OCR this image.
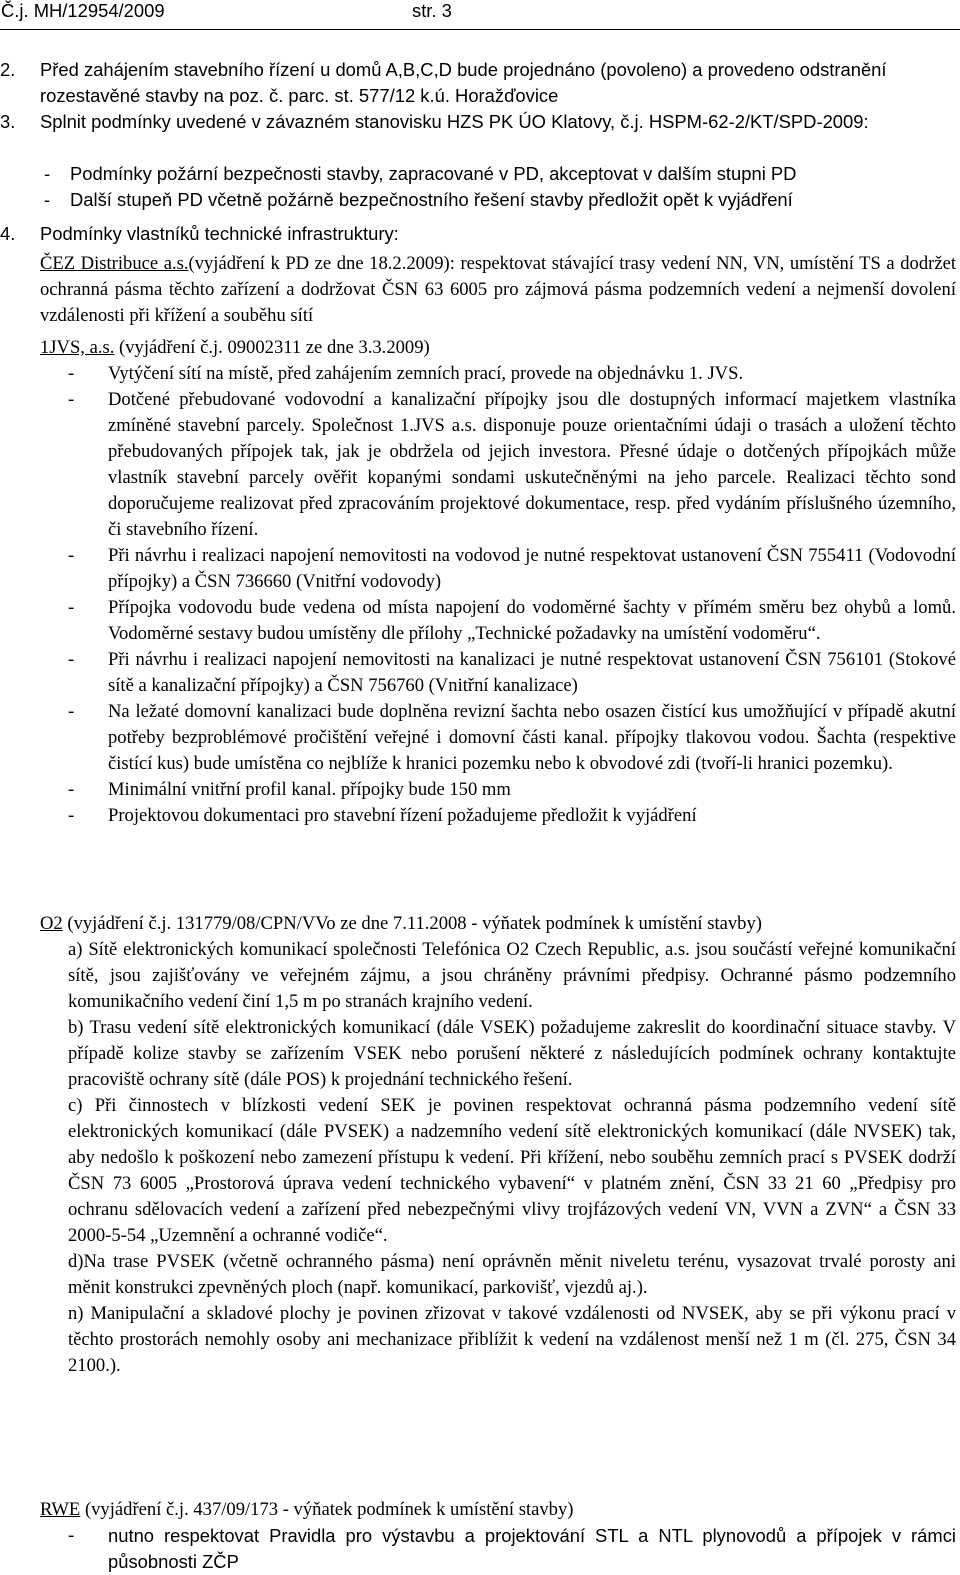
Č.j. MH/12954/2009	str. 3
2. Před zahájením stavebního řízení u domů A,B,C,D bude projednáno (povoleno) a provedeno odstranění rozestavěné stavby na poz. č. parc. st. 577/12 k.ú. Horažďovice

3. Splnit podmínky uvedené v závazném stanovisku HZS PK ÚO Klatovy, č.j. HSPM-62-2/KT/SPD-2009:

- Podmínky požární bezpečnosti stavby, zapracované v PD, akceptovat v dalším stupni PD

- Další stupeň PD včetně požárně bezpečnostního řešení stavby předložit opět k vyjádření

4. Podmínky vlastníků technické infrastruktury:

ČEZ Distribuce a.s.(vyjádření k PD ze dne 18.2.2009): respektovat stávající trasy vedení NN, VN, umístění TS a dodržet ochranná pásma těchto zařízení a dodržovat ČSN 63 6005 pro zájmová pásma podzemních vedení a nejmenší dovolení vzdálenosti při křížení a souběhu sítí

1JVS, a.s. (vyjádření č.j. 09002311 ze dne 3.3.2009)

- Vytýčení sítí na místě, před zahájením zemních prací, provede na objednávku 1. JVS.

- Dotčené přebudované vodovodní a kanalizační přípojky jsou dle dostupných informací majetkem vlastníka zmíněné stavební parcely. Společnost 1.JVS a.s. disponuje pouze orientačními údaji o trasách a uložení těchto přebudovaných přípojek tak, jak je obdržela od jejich investora. Přesné údaje o dotčených přípojkách může vlastník stavební parcely ověřit kopanými sondami uskutečněnými na jeho parcele. Realizaci těchto sond doporučujeme realizovat před zpracováním projektové dokumentace, resp. před vydáním příslušného územního, či stavebního řízení.

- Při návrhu i realizaci napojení nemovitosti na vodovod je nutné respektovat ustanovení ČSN 755411 (Vodovodní přípojky) a ČSN 736660 (Vnitřní vodovody)

- Přípojka vodovodu bude vedena od místa napojení do vodoměrné šachty v přímém směru bez ohybů a lomů. Vodoměrné sestavy budou umístěny dle přílohy „Technické požadavky na umístění vodoměru“.

- Při návrhu i realizaci napojení nemovitosti na kanalizaci je nutné respektovat ustanovení ČSN 756101 (Stokové sítě a kanalizační přípojky) a ČSN 756760 (Vnitřní kanalizace)

- Na ležaté domovní kanalizaci bude doplněna revizní šachta nebo osazen čistící kus umožňující v případě akutní potřeby bezproblémové pročištění veřejné i domovní části kanal. přípojky tlakovou vodou. Šachta (respektive čistící kus) bude umístěna co nejblíže k hranici pozemku nebo k obvodové zdi (tvoří-li hranici pozemku).

- Minimální vnitřní profil kanal. přípojky bude 150 mm

- Projektovou dokumentaci pro stavební řízení požadujeme předložit k vyjádření

O2 (vyjádření č.j. 131779/08/CPN/VVo ze dne 7.11.2008 - výňatek podmínek k umístění stavby)

a) Sítě elektronických komunikací společnosti Telefónica O2 Czech Republic, a.s. jsou součástí veřejné komunikační sítě, jsou zajišťovány ve veřejném zájmu, a jsou chráněny právními předpisy. Ochranné pásmo podzemního komunikačního vedení činí 1,5 m po stranách krajního vedení.

b) Trasu vedení sítě elektronických komunikací (dále VSEK) požadujeme zakreslit do koordinační situace stavby. V případě kolize stavby se zařízením VSEK nebo porušení některé z následujících podmínek ochrany kontaktujte pracoviště ochrany sítě (dále POS) k projednání technického řešení.

c) Při činnostech v blízkosti vedení SEK je povinen respektovat ochranná pásma podzemního vedení sítě elektronických komunikací (dále PVSEK) a nadzemního vedení sítě elektronických komunikací (dále NVSEK) tak, aby nedošlo k poškození nebo zamezení přístupu k vedení. Při křížení, nebo souběhu zemních prací s PVSEK dodrží ČSN 73 6005 „Prostorová úprava vedení technického vybavení“ v platném znění, ČSN 33 21 60 „Předpisy pro ochranu sdělovacích vedení a zařízení před nebezpečnými vlivy trojfázových vedení VN, VVN a ZVN“ a ČSN 33 2000-5-54 „Uzemnění a ochranné vodiče“.

d)Na trase PVSEK (včetně ochranného pásma) není oprávněn měnit niveletu terénu, vysazovat trvalé porosty ani měnit konstrukci zpevněných ploch (např. komunikací, parkovišť, vjezdů aj.).

n) Manipulační a skladové plochy je povinen zřizovat v takové vzdálenosti od NVSEK, aby se při výkonu prací v těchto prostorách nemohly osoby ani mechanizace přiblížit k vedení na vzdálenost menší než 1 m (čl. 275, ČSN 34 2100.).

RWE (vyjádření č.j. 437/09/173 - výňatek podmínek k umístění stavby)

- nutno respektovat Pravidla pro výstavbu a projektování STL a NTL plynovodů a přípojek v rámci působnosti ZČP
